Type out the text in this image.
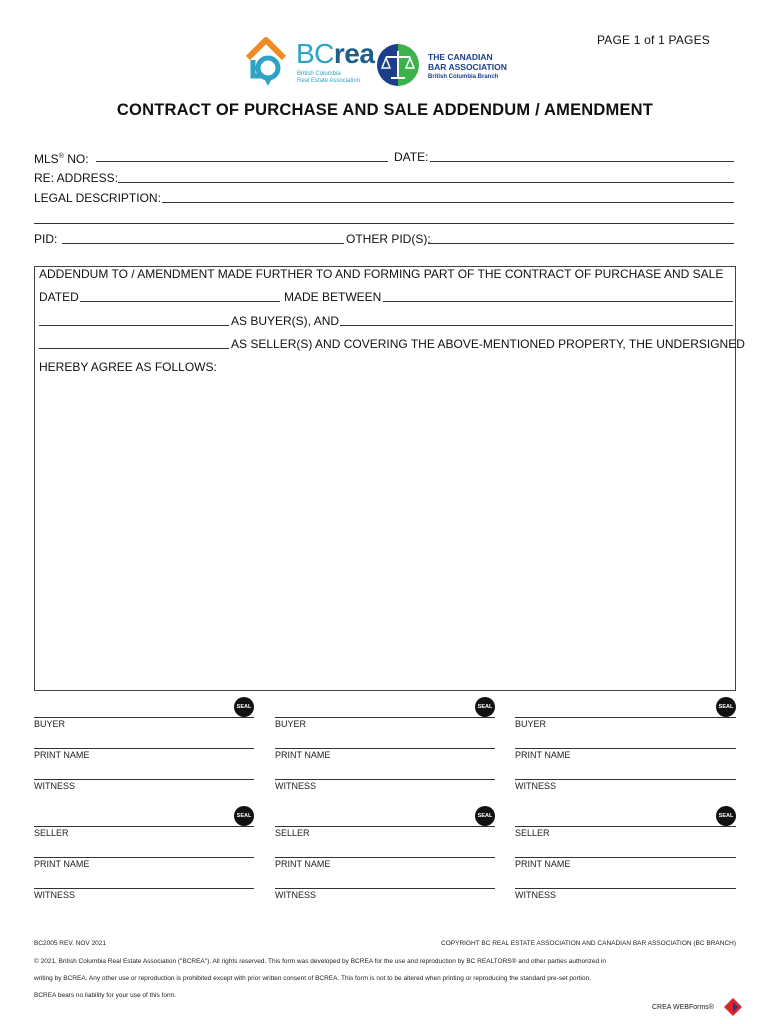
PAGE 1 of 1 PAGES
BCrea
British Columbia
Real Estate Association
THE CANADIAN
BAR ASSOCIATION
British Columbia Branch
CONTRACT OF PURCHASE AND SALE ADDENDUM / AMENDMENT
MLS® NO:	DATE:
RE: ADDRESS:
LEGAL DESCRIPTION:
PID:	OTHER PID(S):
ADDENDUM TO / AMENDMENT MADE FURTHER TO AND FORMING PART OF THE CONTRACT OF PURCHASE AND SALE
DATED	MADE BETWEEN
AS BUYER(S), AND
AS SELLER(S) AND COVERING THE ABOVE-MENTIONED PROPERTY, THE UNDERSIGNED
HEREBY AGREE AS FOLLOWS:
SEAL
BUYER
PRINT NAME
WITNESS
SEAL
BUYER
PRINT NAME
WITNESS
SEAL
BUYER
PRINT NAME
WITNESS
SEAL
SELLER
PRINT NAME
WITNESS
SEAL
SELLER
PRINT NAME
WITNESS
SEAL
SELLER
PRINT NAME
WITNESS
BC2005 REV. NOV 2021	COPYRIGHT BC REAL ESTATE ASSOCIATION AND CANADIAN BAR ASSOCIATION (BC BRANCH)
© 2021, British Columbia Real Estate Association ("BCREA"). All rights reserved. This form was developed by BCREA for the use and reproduction by BC REALTORS® and other parties authorized in
writing by BCREA. Any other use or reproduction is prohibited except with prior written consent of BCREA. This form is not to be altered when printing or reproducing the standard pre-set portion.
BCREA bears no liability for your use of this form.
CREA WEBForms®
